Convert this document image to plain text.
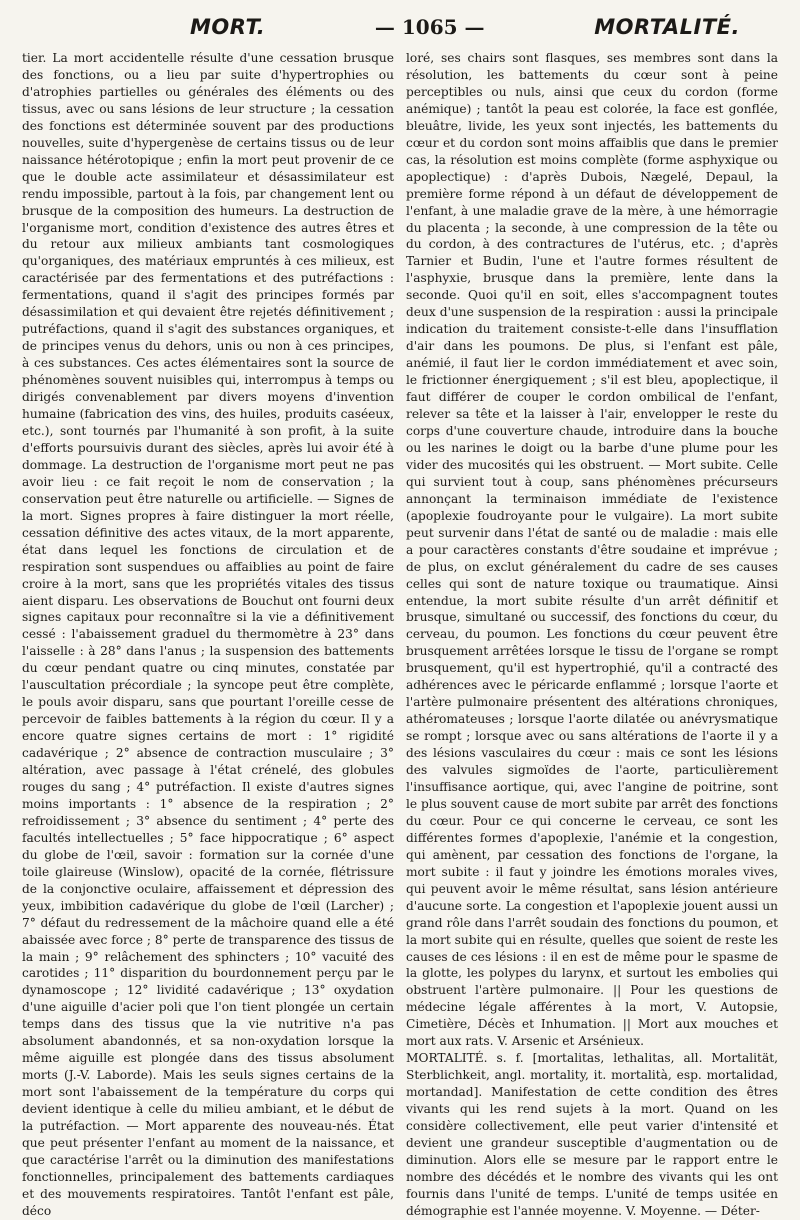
MORT.	— 1065 —	MORTALITÉ.

tier. La mort accidentelle résulte d'une cessation brusque des fonctions, ou a lieu par suite d'hypertrophies ou d'atrophies partielles ou générales des éléments ou des tissus, avec ou sans lésions de leur structure ; la cessation des fonctions est déterminée souvent par des productions nouvelles, suite d'hypergenèse de certains tissus ou de leur naissance hétérotopique ; enfin la mort peut provenir de ce que le double acte assimilateur et désassimilateur est rendu impossible, partout à la fois, par changement lent ou brusque de la composition des humeurs. La destruction de l'organisme mort, condition d'existence des autres êtres et du retour aux milieux ambiants tant cosmologiques qu'organiques, des matériaux empruntés à ces milieux, est caractérisée par des fermentations et des putréfactions : fermentations, quand il s'agit des principes formés par désassimilation et qui devaient être rejetés définitivement ; putréfactions, quand il s'agit des substances organiques, et de principes venus du dehors, unis ou non à ces principes, à ces substances. Ces actes élémentaires sont la source de phénomènes souvent nuisibles qui, interrompus à temps ou dirigés convenablement par divers moyens d'invention humaine (fabrication des vins, des huiles, produits caséeux, etc.), sont tournés par l'humanité à son profit, à la suite d'efforts poursuivis durant des siècles, après lui avoir été à dommage. La destruction de l'organisme mort peut ne pas avoir lieu : ce fait reçoit le nom de conservation ; la conservation peut être naturelle ou artificielle. — Signes de la mort. Signes propres à faire distinguer la mort réelle, cessation définitive des actes vitaux, de la mort apparente, état dans lequel les fonctions de circulation et de respiration sont suspendues ou affaiblies au point de faire croire à la mort, sans que les propriétés vitales des tissus aient disparu. Les observations de Bouchut ont fourni deux signes capitaux pour reconnaître si la vie a définitivement cessé : l'abaissement graduel du thermomètre à 23° dans l'aisselle : à 28° dans l'anus ; la suspension des battements du cœur pendant quatre ou cinq minutes, constatée par l'auscultation précordiale ; la syncope peut être complète, le pouls avoir disparu, sans que pourtant l'oreille cesse de percevoir de faibles battements à la région du cœur. Il y a encore quatre signes certains de mort : 1° rigidité cadavérique ; 2° absence de contraction musculaire ; 3° altération, avec passage à l'état crénelé, des globules rouges du sang ; 4° putréfaction. Il existe d'autres signes moins importants : 1° absence de la respiration ; 2° refroidissement ; 3° absence du sentiment ; 4° perte des facultés intellectuelles ; 5° face hippocratique ; 6° aspect du globe de l'œil, savoir : formation sur la cornée d'une toile glaireuse (Winslow), opacité de la cornée, flétrissure de la conjonctive oculaire, affaissement et dépression des yeux, imbibition cadavérique du globe de l'œil (Larcher) ; 7° défaut du redressement de la mâchoire quand elle a été abaissée avec force ; 8° perte de transparence des tissus de la main ; 9° relâchement des sphincters ; 10° vacuité des carotides ; 11° disparition du bourdonnement perçu par le dynamoscope ; 12° lividité cadavérique ; 13° oxydation d'une aiguille d'acier poli que l'on tient plongée un certain temps dans des tissus que la vie nutritive n'a pas absolument abandonnés, et sa non-oxydation lorsque la même aiguille est plongée dans des tissus absolument morts (J.-V. Laborde). Mais les seuls signes certains de la mort sont l'abaissement de la température du corps qui devient identique à celle du milieu ambiant, et le début de la putréfaction. — Mort apparente des nouveau-nés. État que peut présenter l'enfant au moment de la naissance, et que caractérise l'arrêt ou la diminution des manifestations fonctionnelles, principalement des battements cardiaques et des mouvements respiratoires. Tantôt l'enfant est pâle, déco

loré, ses chairs sont flasques, ses membres sont dans la résolution, les battements du cœur sont à peine perceptibles ou nuls, ainsi que ceux du cordon (forme anémique) ; tantôt la peau est colorée, la face est gonflée, bleuâtre, livide, les yeux sont injectés, les battements du cœur et du cordon sont moins affaiblis que dans le premier cas, la résolution est moins complète (forme asphyxique ou apoplectique) : d'après Dubois, Nægelé, Depaul, la première forme répond à un défaut de développement de l'enfant, à une maladie grave de la mère, à une hémorragie du placenta ; la seconde, à une compression de la tête ou du cordon, à des contractures de l'utérus, etc. ; d'après Tarnier et Budin, l'une et l'autre formes résultent de l'asphyxie, brusque dans la première, lente dans la seconde. Quoi qu'il en soit, elles s'accompagnent toutes deux d'une suspension de la respiration : aussi la principale indication du traitement consiste-t-elle dans l'insufflation d'air dans les poumons. De plus, si l'enfant est pâle, anémié, il faut lier le cordon immédiatement et avec soin, le frictionner énergiquement ; s'il est bleu, apoplectique, il faut différer de couper le cordon ombilical de l'enfant, relever sa tête et la laisser à l'air, envelopper le reste du corps d'une couverture chaude, introduire dans la bouche ou les narines le doigt ou la barbe d'une plume pour les vider des mucosités qui les obstruent. — Mort subite. Celle qui survient tout à coup, sans phénomènes précurseurs annonçant la terminaison immédiate de l'existence (apoplexie foudroyante pour le vulgaire). La mort subite peut survenir dans l'état de santé ou de maladie : mais elle a pour caractères constants d'être soudaine et imprévue ; de plus, on exclut généralement du cadre de ses causes celles qui sont de nature toxique ou traumatique. Ainsi entendue, la mort subite résulte d'un arrêt définitif et brusque, simultané ou successif, des fonctions du cœur, du cerveau, du poumon. Les fonctions du cœur peuvent être brusquement arrêtées lorsque le tissu de l'organe se rompt brusquement, qu'il est hypertrophié, qu'il a contracté des adhérences avec le péricarde enflammé ; lorsque l'aorte et l'artère pulmonaire présentent des altérations chroniques, athéromateuses ; lorsque l'aorte dilatée ou anévrysmatique se rompt ; lorsque avec ou sans altérations de l'aorte il y a des lésions vasculaires du cœur : mais ce sont les lésions des valvules sigmoïdes de l'aorte, particulièrement l'insuffisance aortique, qui, avec l'angine de poitrine, sont le plus souvent cause de mort subite par arrêt des fonctions du cœur. Pour ce qui concerne le cerveau, ce sont les différentes formes d'apoplexie, l'anémie et la congestion, qui amènent, par cessation des fonctions de l'organe, la mort subite : il faut y joindre les émotions morales vives, qui peuvent avoir le même résultat, sans lésion antérieure d'aucune sorte. La congestion et l'apoplexie jouent aussi un grand rôle dans l'arrêt soudain des fonctions du poumon, et la mort subite qui en résulte, quelles que soient de reste les causes de ces lésions : il en est de même pour le spasme de la glotte, les polypes du larynx, et surtout les embolies qui obstruent l'artère pulmonaire. || Pour les questions de médecine légale afférentes à la mort, V. Autopsie, Cimetière, Décès et Inhumation. || Mort aux mouches et mort aux rats. V. Arsenic et Arsénieux.

MORTALITÉ. s. f. [mortalitas, lethalitas, all. Mortalität, Sterblichkeit, angl. mortality, it. mortalità, esp. mortalidad, mortandad]. Manifestation de cette condition des êtres vivants qui les rend sujets à la mort. Quand on les considère collectivement, elle peut varier d'intensité et devient une grandeur susceptible d'augmentation ou de diminution. Alors elle se mesure par le rapport entre le nombre des décédés et le nombre des vivants qui les ont fournis dans l'unité de temps. L'unité de temps usitée en démographie est l'année moyenne. V. Moyenne. — Déter-
